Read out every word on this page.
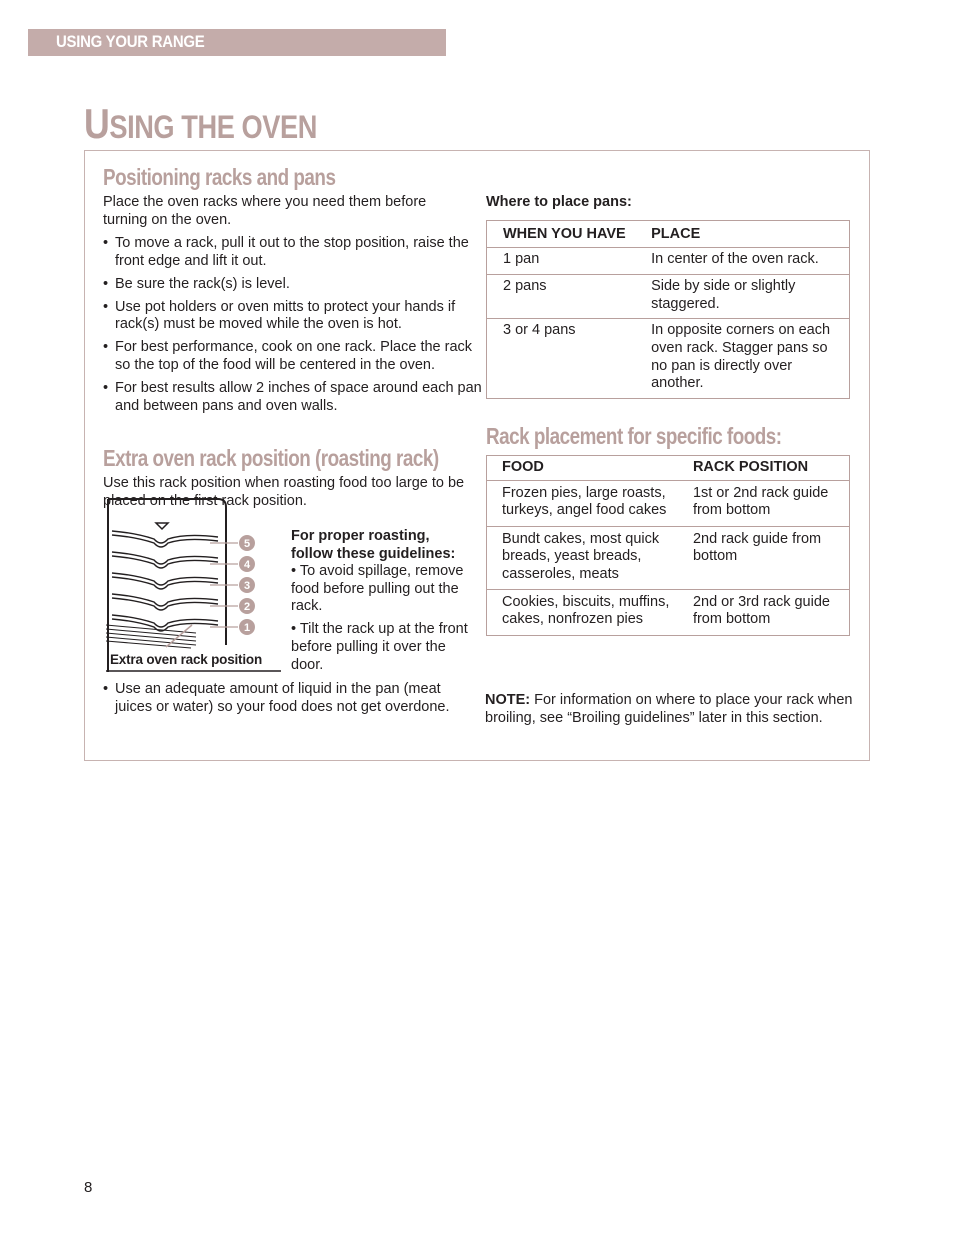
USING YOUR RANGE
USING THE OVEN
Positioning racks and pans
Place the oven racks where you need them before turning on the oven.
• To move a rack, pull it out to the stop position, raise the front edge and lift it out.
• Be sure the rack(s) is level.
• Use pot holders or oven mitts to protect your hands if rack(s) must be moved while the oven is hot.
• For best performance, cook on one rack. Place the rack so the top of the food will be centered in the oven.
• For best results allow 2 inches of space around each pan and between pans and oven walls.
Extra oven rack position (roasting rack)
Use this rack position when roasting food too large to be placed on the first rack position.
5
4
3
2
1
Extra oven rack position

For proper roasting, follow these guidelines:

• To avoid spillage, remove food before pulling out the rack.

• Tilt the rack up at the front before pulling it over the door.

• Use an adequate amount of liquid in the pan (meat juices or water) so your food does not get overdone.
Where to place pans:
WHEN YOU HAVE	PLACE
1 pan	In center of the oven rack.
2 pans	Side by side or slightly staggered.
3 or 4 pans	In opposite corners on each oven rack. Stagger pans so no pan is directly over another.
Rack placement for specific foods:
FOOD	RACK POSITION
Frozen pies, large roasts, turkeys, angel food cakes	1st or 2nd rack guide from bottom
Bundt cakes, most quick breads, yeast breads, casseroles, meats	2nd rack guide from bottom
Cookies, biscuits, muffins, cakes, nonfrozen pies	2nd or 3rd rack guide from bottom
NOTE: For information on where to place your rack when broiling, see “Broiling guidelines” later in this section.
8
